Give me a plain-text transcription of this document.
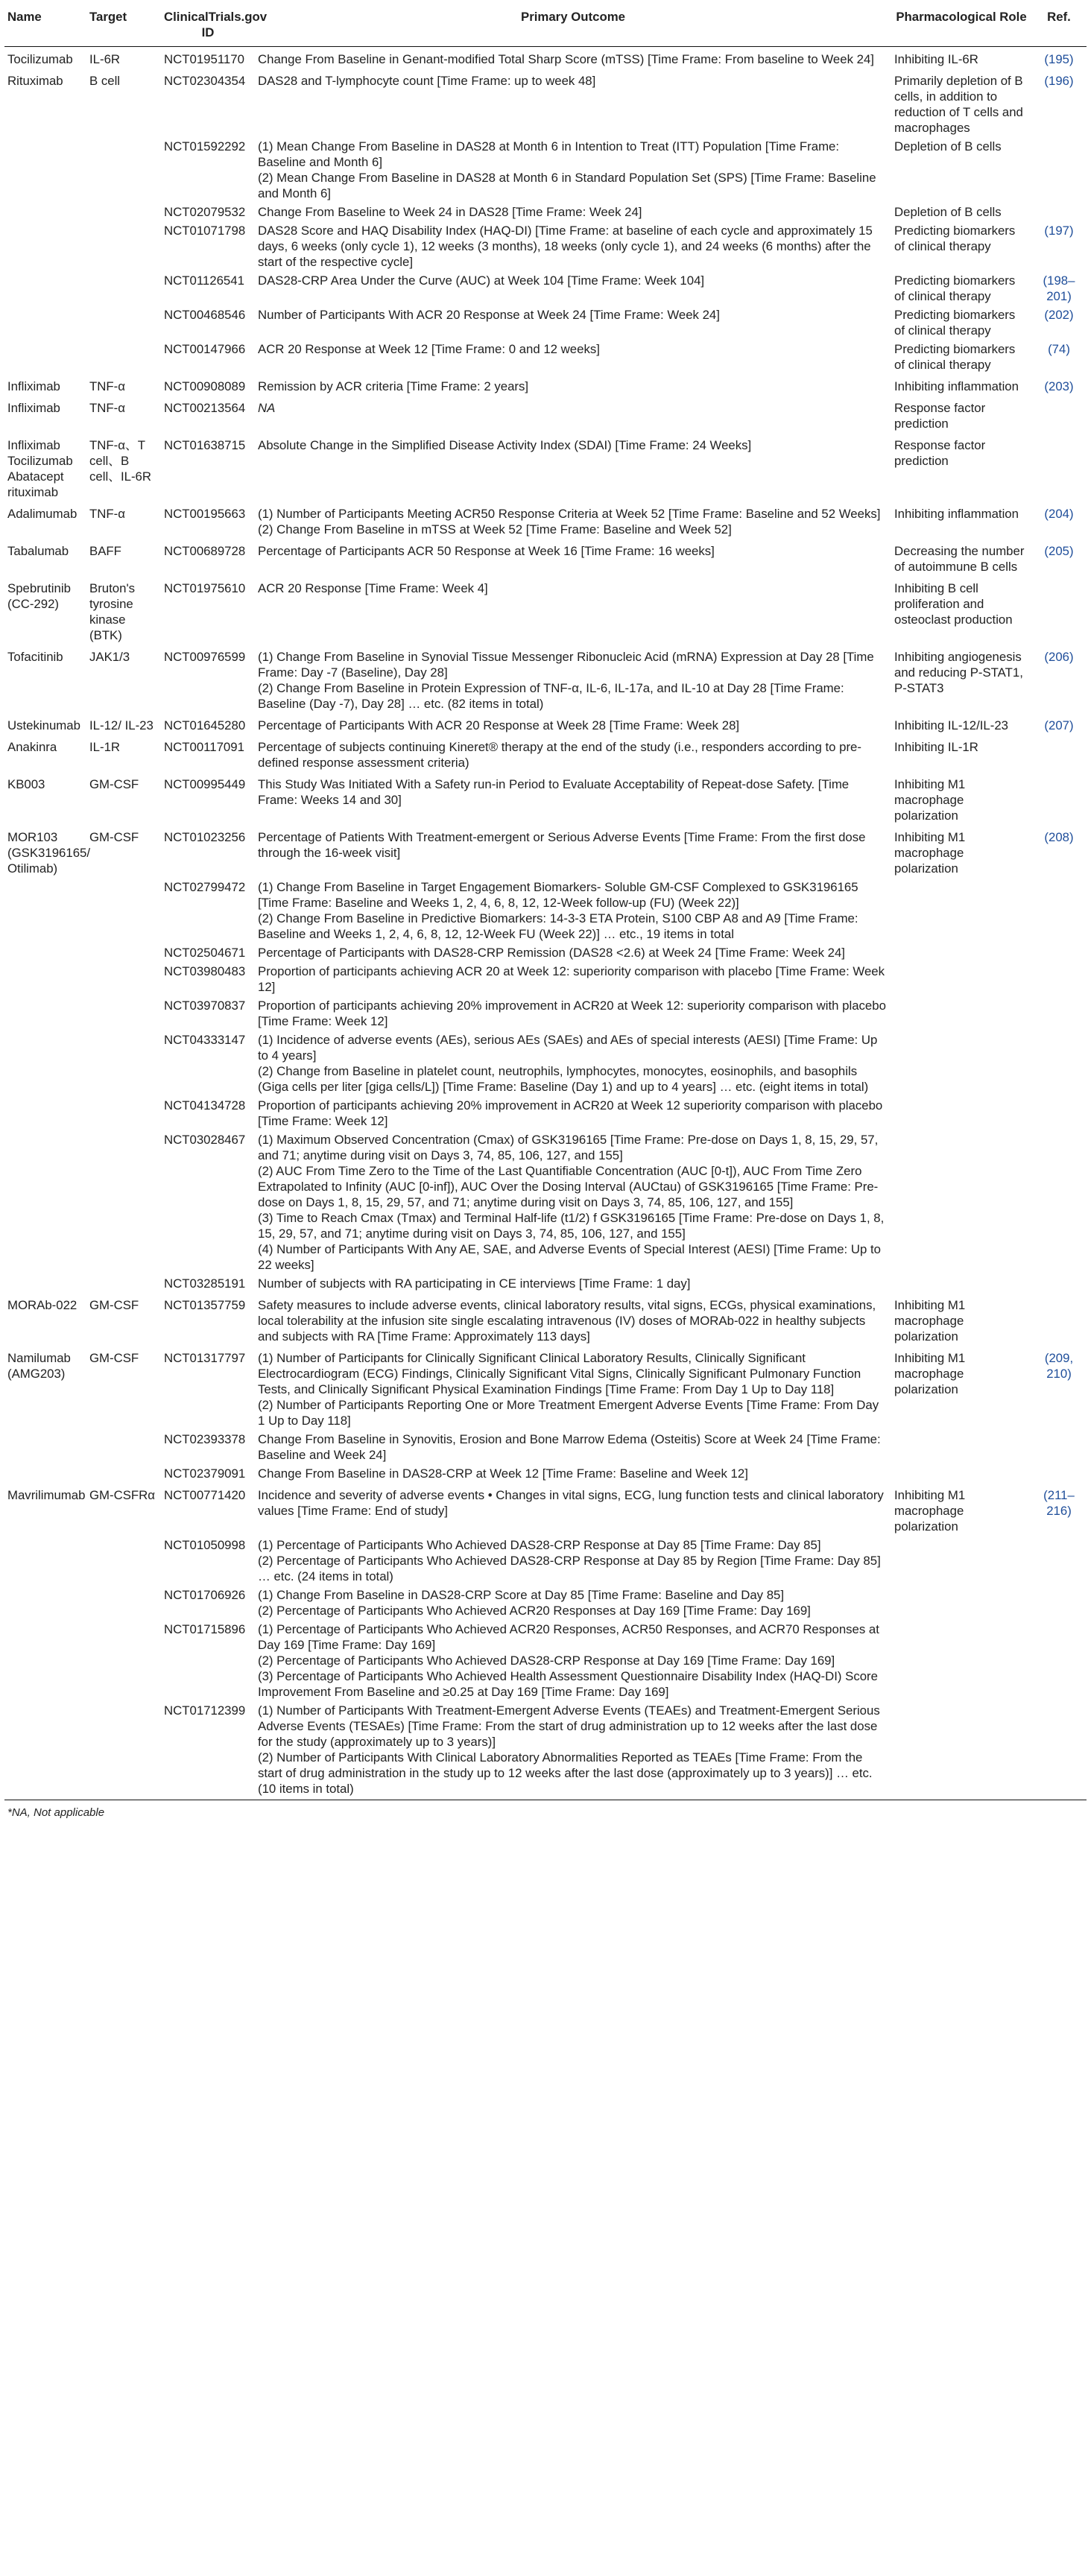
Name	Target	ClinicalTrials.gov ID	Primary Outcome	Pharmacological Role	Ref.
Tocilizumab	IL-6R	NCT01951170	Change From Baseline in Genant-modified Total Sharp Score (mTSS) [Time Frame: From baseline to Week 24]	Inhibiting IL-6R	(195)
Rituximab	B cell	NCT02304354	DAS28 and T-lymphocyte count [Time Frame: up to week 48]	Primarily depletion of B cells, in addition to reduction of T cells and macrophages	(196)
		NCT01592292	(1) Mean Change From Baseline in DAS28 at Month 6 in Intention to Treat (ITT) Population [Time Frame: Baseline and Month 6]
(2) Mean Change From Baseline in DAS28 at Month 6 in Standard Population Set (SPS) [Time Frame: Baseline and Month 6]	Depletion of B cells	
		NCT02079532	Change From Baseline to Week 24 in DAS28 [Time Frame: Week 24]	Depletion of B cells	
		NCT01071798	DAS28 Score and HAQ Disability Index (HAQ-DI) [Time Frame: at baseline of each cycle and approximately 15 days, 6 weeks (only cycle 1), 12 weeks (3 months), 18 weeks (only cycle 1), and 24 weeks (6 months) after the start of the respective cycle]	Predicting biomarkers of clinical therapy	(197)
		NCT01126541	DAS28-CRP Area Under the Curve (AUC) at Week 104 [Time Frame: Week 104]	Predicting biomarkers of clinical therapy	(198–201)
		NCT00468546	Number of Participants With ACR 20 Response at Week 24 [Time Frame: Week 24]	Predicting biomarkers of clinical therapy	(202)
		NCT00147966	ACR 20 Response at Week 12 [Time Frame: 0 and 12 weeks]	Predicting biomarkers of clinical therapy	(74)
Infliximab	TNF-α	NCT00908089	Remission by ACR criteria [Time Frame: 2 years]	Inhibiting inflammation	(203)
Infliximab	TNF-α	NCT00213564	NA	Response factor prediction	
Infliximab Tocilizumab Abatacept rituximab	TNF-α、T cell、B cell、IL-6R	NCT01638715	Absolute Change in the Simplified Disease Activity Index (SDAI) [Time Frame: 24 Weeks]	Response factor prediction	
Adalimumab	TNF-α	NCT00195663	(1) Number of Participants Meeting ACR50 Response Criteria at Week 52 [Time Frame: Baseline and 52 Weeks]
(2) Change From Baseline in mTSS at Week 52 [Time Frame: Baseline and Week 52]	Inhibiting inflammation	(204)
Tabalumab	BAFF	NCT00689728	Percentage of Participants ACR 50 Response at Week 16 [Time Frame: 16 weeks]	Decreasing the number of autoimmune B cells	(205)
Spebrutinib (CC-292)	Bruton's tyrosine kinase (BTK)	NCT01975610	ACR 20 Response [Time Frame: Week 4]	Inhibiting B cell proliferation and osteoclast production	
Tofacitinib	JAK1/3	NCT00976599	(1) Change From Baseline in Synovial Tissue Messenger Ribonucleic Acid (mRNA) Expression at Day 28 [Time Frame: Day -7 (Baseline), Day 28]
(2) Change From Baseline in Protein Expression of TNF-α, IL-6, IL-17a, and IL-10 at Day 28 [Time Frame: Baseline (Day -7), Day 28] … etc. (82 items in total)	Inhibiting angiogenesis and reducing P-STAT1, P-STAT3	(206)
Ustekinumab	IL-12/ IL-23	NCT01645280	Percentage of Participants With ACR 20 Response at Week 28 [Time Frame: Week 28]	Inhibiting IL-12/IL-23	(207)
Anakinra	IL-1R	NCT00117091	Percentage of subjects continuing Kineret® therapy at the end of the study (i.e., responders according to pre-defined response assessment criteria)	Inhibiting IL-1R	
KB003	GM-CSF	NCT00995449	This Study Was Initiated With a Safety run-in Period to Evaluate Acceptability of Repeat-dose Safety. [Time Frame: Weeks 14 and 30]	Inhibiting M1 macrophage polarization	
MOR103 (GSK3196165/ Otilimab)	GM-CSF	NCT01023256	Percentage of Patients With Treatment-emergent or Serious Adverse Events [Time Frame: From the first dose through the 16-week visit]	Inhibiting M1 macrophage polarization	(208)
		NCT02799472	(1) Change From Baseline in Target Engagement Biomarkers- Soluble GM-CSF Complexed to GSK3196165 [Time Frame: Baseline and Weeks 1, 2, 4, 6, 8, 12, 12-Week follow-up (FU) (Week 22)]
(2) Change From Baseline in Predictive Biomarkers: 14-3-3 ETA Protein, S100 CBP A8 and A9 [Time Frame: Baseline and Weeks 1, 2, 4, 6, 8, 12, 12-Week FU (Week 22)] … etc., 19 items in total		
		NCT02504671	Percentage of Participants with DAS28-CRP Remission (DAS28 <2.6) at Week 24 [Time Frame: Week 24]		
		NCT03980483	Proportion of participants achieving ACR 20 at Week 12: superiority comparison with placebo [Time Frame: Week 12]		
		NCT03970837	Proportion of participants achieving 20% improvement in ACR20 at Week 12: superiority comparison with placebo [Time Frame: Week 12]		
		NCT04333147	(1) Incidence of adverse events (AEs), serious AEs (SAEs) and AEs of special interests (AESI) [Time Frame: Up to 4 years]
(2) Change from Baseline in platelet count, neutrophils, lymphocytes, monocytes, eosinophils, and basophils (Giga cells per liter [giga cells/L]) [Time Frame: Baseline (Day 1) and up to 4 years] … etc. (eight items in total)		
		NCT04134728	Proportion of participants achieving 20% improvement in ACR20 at Week 12 superiority comparison with placebo [Time Frame: Week 12]		
		NCT03028467	(1) Maximum Observed Concentration (Cmax) of GSK3196165 [Time Frame: Pre-dose on Days 1, 8, 15, 29, 57, and 71; anytime during visit on Days 3, 74, 85, 106, 127, and 155]
(2) AUC From Time Zero to the Time of the Last Quantifiable Concentration (AUC [0-t]), AUC From Time Zero Extrapolated to Infinity (AUC [0-inf]), AUC Over the Dosing Interval (AUCtau) of GSK3196165 [Time Frame: Pre-dose on Days 1, 8, 15, 29, 57, and 71; anytime during visit on Days 3, 74, 85, 106, 127, and 155]
(3) Time to Reach Cmax (Tmax) and Terminal Half-life (t1/2) f GSK3196165 [Time Frame: Pre-dose on Days 1, 8, 15, 29, 57, and 71; anytime during visit on Days 3, 74, 85, 106, 127, and 155]
(4) Number of Participants With Any AE, SAE, and Adverse Events of Special Interest (AESI) [Time Frame: Up to 22 weeks]		
		NCT03285191	Number of subjects with RA participating in CE interviews [Time Frame: 1 day]		
MORAb-022	GM-CSF	NCT01357759	Safety measures to include adverse events, clinical laboratory results, vital signs, ECGs, physical examinations, local tolerability at the infusion site single escalating intravenous (IV) doses of MORAb-022 in healthy subjects and subjects with RA [Time Frame: Approximately 113 days]	Inhibiting M1 macrophage polarization	
Namilumab (AMG203)	GM-CSF	NCT01317797	(1) Number of Participants for Clinically Significant Clinical Laboratory Results, Clinically Significant Electrocardiogram (ECG) Findings, Clinically Significant Vital Signs, Clinically Significant Pulmonary Function Tests, and Clinically Significant Physical Examination Findings [Time Frame: From Day 1 Up to Day 118]
(2) Number of Participants Reporting One or More Treatment Emergent Adverse Events [Time Frame: From Day 1 Up to Day 118]	Inhibiting M1 macrophage polarization	(209, 210)
		NCT02393378	Change From Baseline in Synovitis, Erosion and Bone Marrow Edema (Osteitis) Score at Week 24 [Time Frame: Baseline and Week 24]		
		NCT02379091	Change From Baseline in DAS28-CRP at Week 12 [Time Frame: Baseline and Week 12]		
Mavrilimumab	GM-CSFRα	NCT00771420	Incidence and severity of adverse events • Changes in vital signs, ECG, lung function tests and clinical laboratory values [Time Frame: End of study]	Inhibiting M1 macrophage polarization	(211–216)
		NCT01050998	(1) Percentage of Participants Who Achieved DAS28-CRP Response at Day 85 [Time Frame: Day 85]
(2) Percentage of Participants Who Achieved DAS28-CRP Response at Day 85 by Region [Time Frame: Day 85] … etc. (24 items in total)		
		NCT01706926	(1) Change From Baseline in DAS28-CRP Score at Day 85 [Time Frame: Baseline and Day 85]
(2) Percentage of Participants Who Achieved ACR20 Responses at Day 169 [Time Frame: Day 169]		
		NCT01715896	(1) Percentage of Participants Who Achieved ACR20 Responses, ACR50 Responses, and ACR70 Responses at Day 169 [Time Frame: Day 169]
(2) Percentage of Participants Who Achieved DAS28-CRP Response at Day 169 [Time Frame: Day 169]
(3) Percentage of Participants Who Achieved Health Assessment Questionnaire Disability Index (HAQ-DI) Score Improvement From Baseline and ≥0.25 at Day 169 [Time Frame: Day 169]		
		NCT01712399	(1) Number of Participants With Treatment-Emergent Adverse Events (TEAEs) and Treatment-Emergent Serious Adverse Events (TESAEs) [Time Frame: From the start of drug administration up to 12 weeks after the last dose for the study (approximately up to 3 years)]
(2) Number of Participants With Clinical Laboratory Abnormalities Reported as TEAEs [Time Frame: From the start of drug administration in the study up to 12 weeks after the last dose (approximately up to 3 years)] … etc. (10 items in total)		
*NA, Not applicable
